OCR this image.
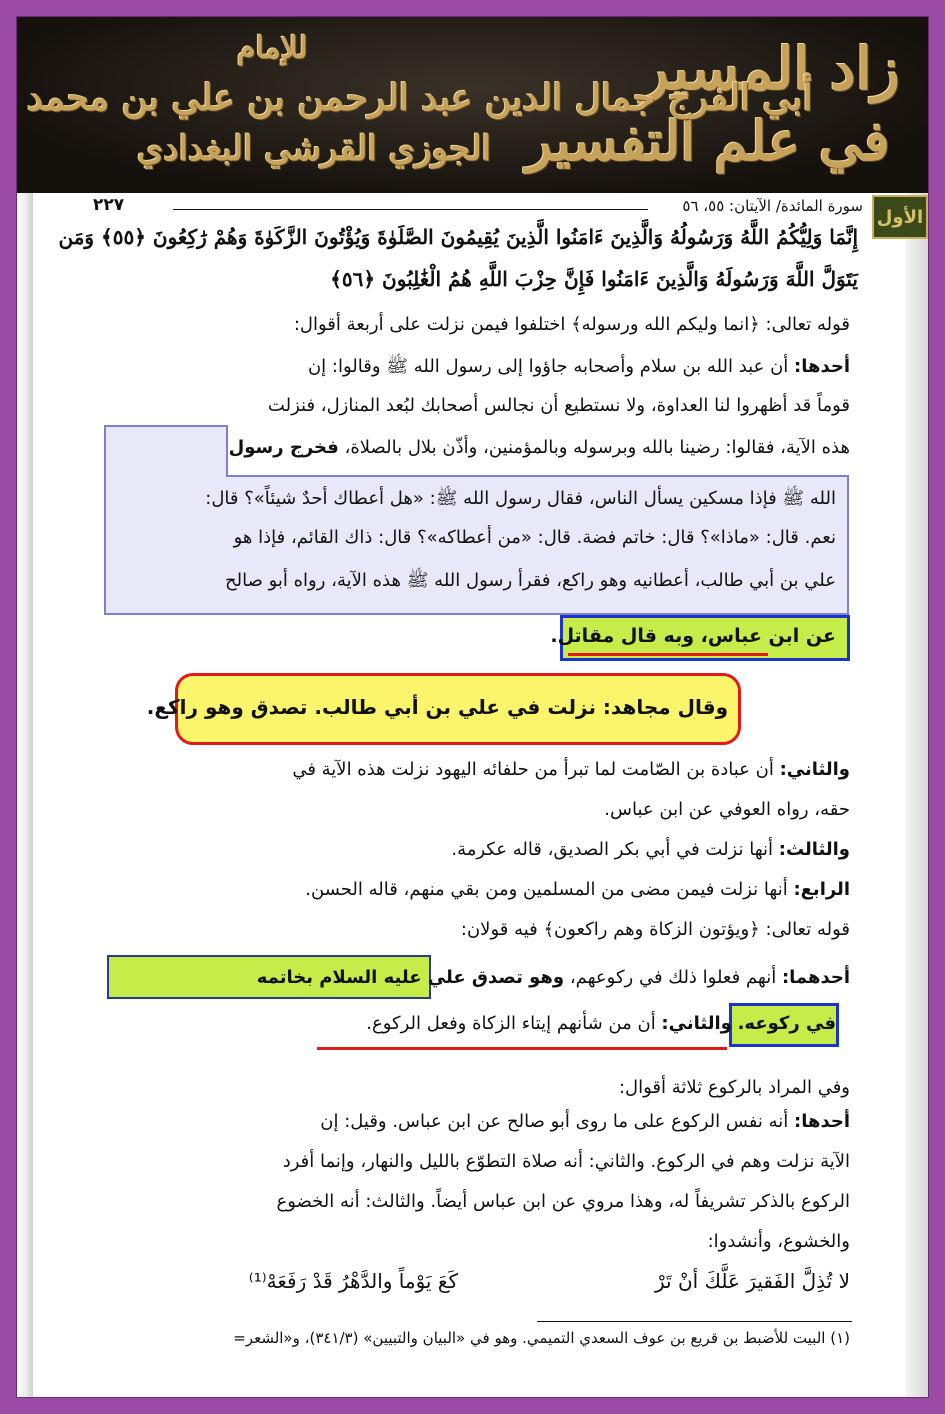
زاد المسير
في علم التفسير
للإمام
أبي الفرج جمال الدين عبد الرحمن بن علي بن محمد
الجوزي القرشي البغدادي
الأول
سورة المائدة/ الآيتان: ٥٥، ٥٦
٢٢٧
إِنَّمَا وَلِيُّكُمُ اللَّهُ وَرَسُولُهُ وَالَّذِينَ ءَامَنُوا الَّذِينَ يُقِيمُونَ الصَّلَوٰةَ وَيُؤْتُونَ الزَّكَوٰةَ وَهُمْ رَٰكِعُونَ ﴿٥٥﴾ وَمَن
يَتَوَلَّ اللَّهَ وَرَسُولَهُ وَالَّذِينَ ءَامَنُوا فَإِنَّ حِزْبَ اللَّهِ هُمُ الْغَٰلِبُونَ ﴿٥٦﴾
قوله تعالى: ﴿انما وليكم الله ورسوله﴾ اختلفوا فيمن نزلت على أربعة أقوال:
أحدها: أن عبد الله بن سلام وأصحابه جاؤوا إلى رسول الله ﷺ وقالوا: إن
قوماً قد أظهروا لنا العداوة، ولا نستطيع أن نجالس أصحابك لبُعد المنازل، فنزلت
هذه الآية، فقالوا: رضينا بالله وبرسوله وبالمؤمنين، وأذّن بلال بالصلاة، فخرج رسول
الله ﷺ فإذا مسكين يسأل الناس، فقال رسول الله ﷺ: «هل أعطاك أحدٌ شيئاً»؟ قال:
نعم. قال: «ماذا»؟ قال: خاتم فضة. قال: «من أعطاكه»؟ قال: ذاك القائم، فإذا هو
علي بن أبي طالب، أعطانيه وهو راكع، فقرأ رسول الله ﷺ هذه الآية، رواه أبو صالح
عن ابن عباس، وبه قال مقاتل.
وقال مجاهد: نزلت في علي بن أبي طالب. تصدق وهو راكع.
والثاني: أن عبادة بن الصّامت لما تبرأ من حلفائه اليهود نزلت هذه الآية في
حقه، رواه العوفي عن ابن عباس.
والثالث: أنها نزلت في أبي بكر الصديق، قاله عكرمة.
الرابع: أنها نزلت فيمن مضى من المسلمين ومن بقي منهم، قاله الحسن.
قوله تعالى: ﴿ويؤتون الزكاة وهم راكعون﴾ فيه قولان:
أحدهما: أنهم فعلوا ذلك في ركوعهم، وهو تصدق علي عليه السلام بخاتمه
في ركوعه. والثاني: أن من شأنهم إيتاء الزكاة وفعل الركوع.
وفي المراد بالركوع ثلاثة أقوال:
أحدها: أنه نفس الركوع على ما روى أبو صالح عن ابن عباس. وقيل: إن
الآية نزلت وهم في الركوع. والثاني: أنه صلاة التطوّع بالليل والنهار، وإنما أفرد
الركوع بالذكر تشريفاً له، وهذا مروي عن ابن عباس أيضاً. والثالث: أنه الخضوع
والخشوع، وأنشدوا:
لا تُذِلَّ الفَقيرَ عَلَّكَ أنْ تَرْ
كَعَ يَوْماً والدَّهْرُ قَدْ رَفَعَهْ⁽¹⁾
(١) البيت للأضبط بن قريع بن عوف السعدي التميمي. وهو في «البيان والتبيين» (٣٤١/٣)، و«الشعر=
